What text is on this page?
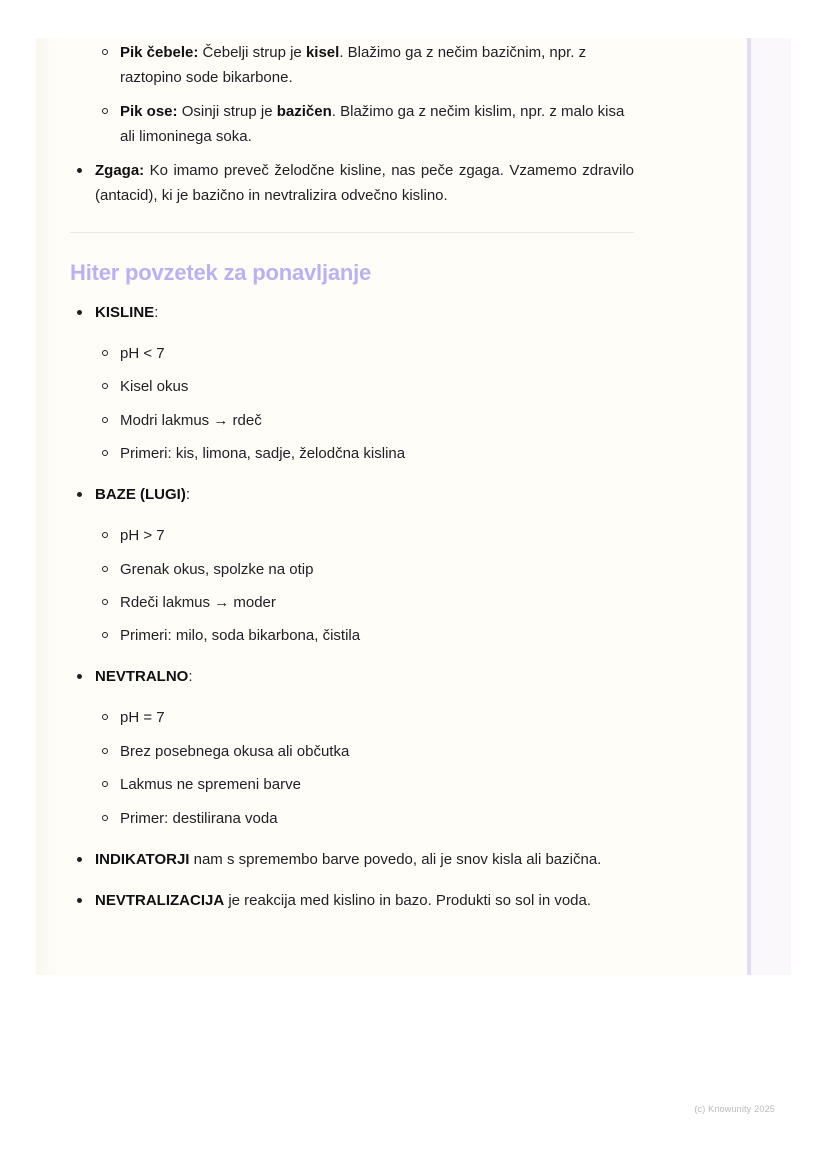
Pik čebele: Čebelji strup je kisel. Blažimo ga z nečim bazičnim, npr. z raztopino sode bikarbone.
Pik ose: Osinji strup je bazičen. Blažimo ga z nečim kislim, npr. z malo kisa ali limoninega soka.
Zgaga: Ko imamo preveč želodčne kisline, nas peče zgaga. Vzamemo zdravilo (antacid), ki je bazično in nevtralizira odvečno kislino.
Hiter povzetek za ponavljanje
KISLINE:
pH < 7
Kisel okus
Modri lakmus → rdeč
Primeri: kis, limona, sadje, želodčna kislina
BAZE (LUGI):
pH > 7
Grenak okus, spolzke na otip
Rdeči lakmus → moder
Primeri: milo, soda bikarbona, čistila
NEVTRALNO:
pH = 7
Brez posebnega okusa ali občutka
Lakmus ne spremeni barve
Primer: destilirana voda
INDIKATORJI nam s spremembo barve povedo, ali je snov kisla ali bazična.
NEVTRALIZACIJA je reakcija med kislino in bazo. Produkti so sol in voda.
(c) Knowunity 2025
